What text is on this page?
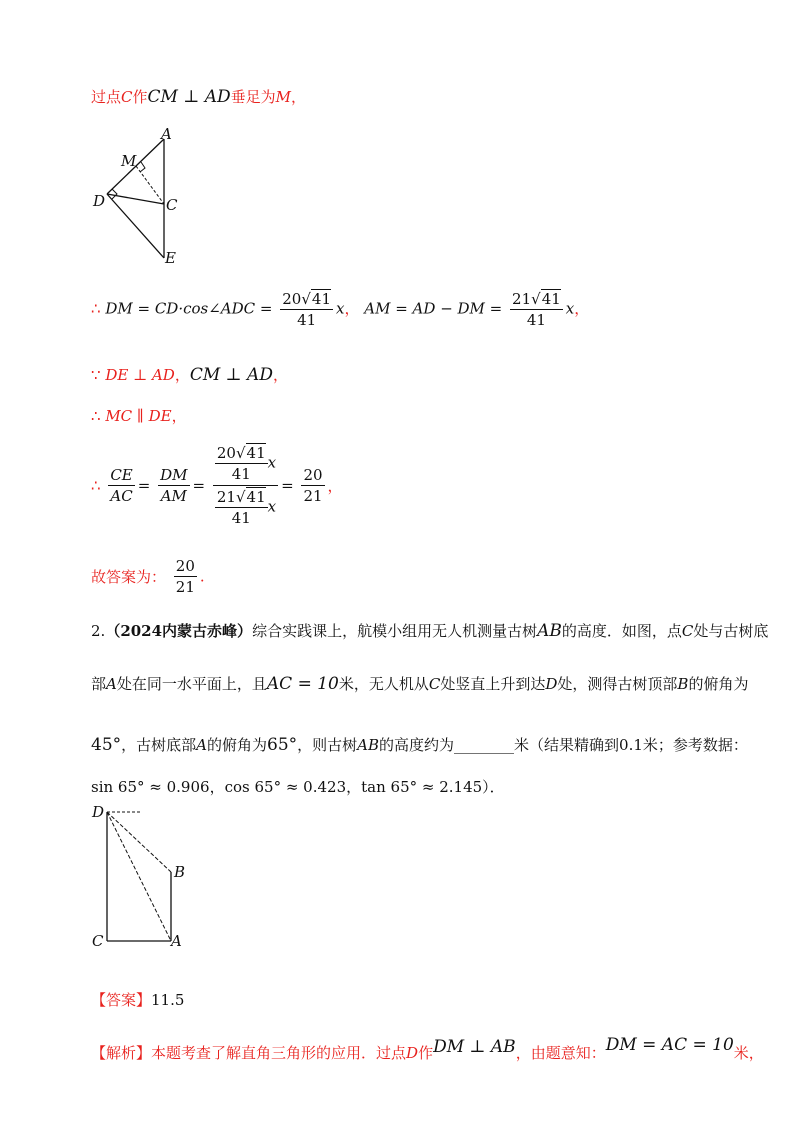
过点C作CM ⊥ AD垂足为M，
A
M
D	C
E
∴ DM = CD·cos∠ADC = $\frac{20√41}{41}$ x， AM = AD − DM = $\frac{21√41}{41}$ x，
∵ DE ⊥ AD，CM ⊥ AD，
∴ MC ∥ DE，
∴ $\frac{CE}{AC} = \frac{DM}{AM} = \frac{\frac{20√41}{41} x}{\frac{21√41}{41} x} = \frac{20}{21}$ ，
故答案为： $\frac{20}{21}$ .
2.（2024内蒙古赤峰）综合实践课上，航模小组用无人机测量古树AB的高度．如图，点C处与古树底
部A处在同一水平面上，且AC = 10米，无人机从C处竖直上升到达D处，测得古树顶部B的俯角为
45°，古树底部A的俯角为65°，则古树AB的高度约为________米（结果精确到0.1米；参考数据：
sin 65° ≈ 0.906，cos 65° ≈ 0.423，tan 65° ≈ 2.145）．
D
B
C	A
【答案】11.5
【解析】本题考查了解直角三角形的应用．过点D作DM ⊥ AB，由题意知：DM = AC = 10米，
